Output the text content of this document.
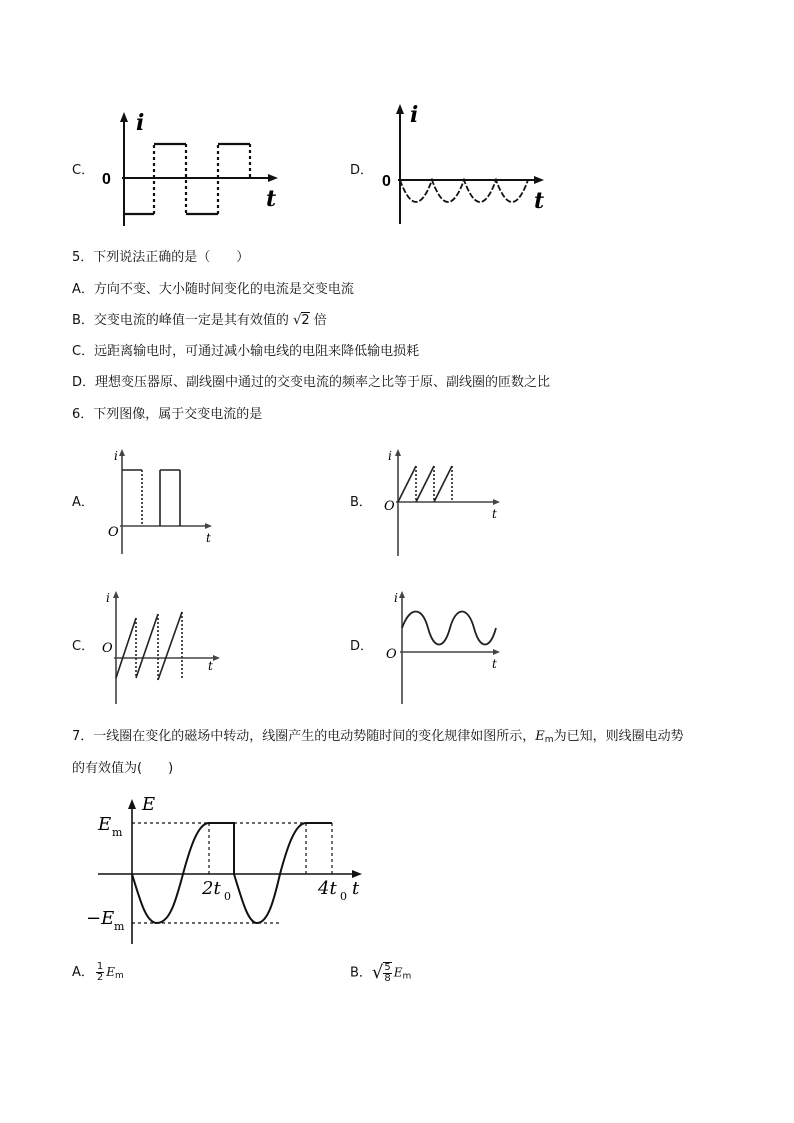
C．
0
i
t
D．
0
i
t
5．下列说法正确的是（　　）
A．方向不变、大小随时间变化的电流是交变电流
B．交变电流的峰值一定是其有效值的 √2 倍
C．远距离输电时，可通过减小输电线的电阻来降低输电损耗
D．理想变压器原、副线圈中通过的交变电流的频率之比等于原、副线圈的匝数之比
6．下列图像，属于交变电流的是
A．
O
i
t
B． O
i
t
C． O
i
t
D．
O
i
t
7．一线圈在变化的磁场中转动，线圈产生的电动势随时间的变化规律如图所示，$E_m$为已知，则线圈电动势
的有效值为(　　)
E
t
E m
−E m
2t 0	4t 0
A． $\frac{1}{2} E_m$	B．√ $\frac{5}{8} E_m$
